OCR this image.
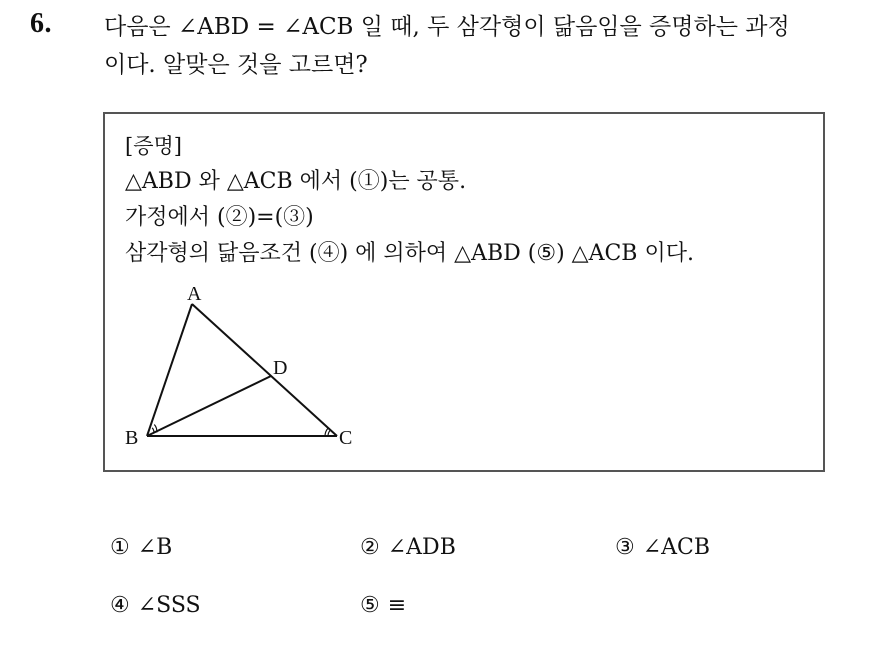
6. 다음은 ∠ABD = ∠ACB 일 때, 두 삼각형이 닮음임을 증명하는 과정
이다. 알맞은 것을 고르면?
[증명]
△ABD 와 △ACB 에서 (①)는 공통.
가정에서 (②)=(③)
삼각형의 닮음조건 (④) 에 의하여 △ABD (⑤) △ACB 이다.
A
B	C
D
① ∠B	② ∠ADB	③ ∠ACB
④ ∠SSS	⑤ ≡
